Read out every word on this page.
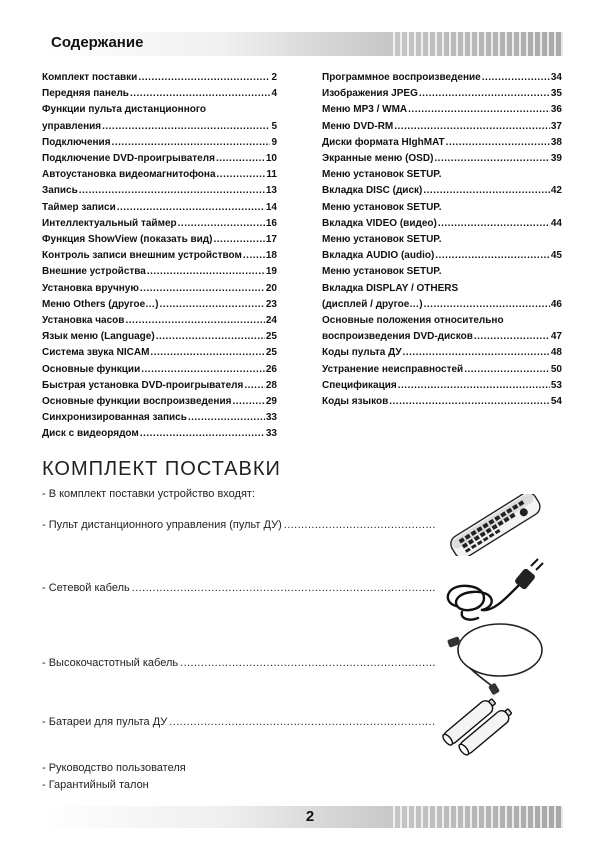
Содержание
Комплект поставки .....	2
Передняя панель .....	4
Функции пульта дистанционного
управления .....	5
Подключения .....	9
Подключение DVD-проигрывателя .....	10
Автоустановка видеомагнитофона .....	11
Запись .....	13
Таймер записи .....	14
Интеллектуальный таймер .....	16
Функция ShowView (показать вид) .....	17
Контроль записи внешним устройством ..... 18
Внешние устройства .....	19
Установка вручную .....	20
Меню Others (другое…) .....	23
Установка часов .....	24
Язык меню (Language) .....	25
Система звука NICAM .....	25
Основные функции .....	26
Быстрая установка DVD-проигрывателя ..... 28
Основные функции воспроизведения .....	29
Синхронизированная запись .....	33
Диск с видеорядом .....	33
Программное воспроизведение .....	34
Изображения JPEG .....	35
Меню MP3 / WMA .....	36
Меню DVD-RM .....	37
Диски формата HIghMAT .....	38
Экранные меню (OSD) .....	39
Меню установок SETUP.
Вкладка DISC (диск) .....	42
Меню установок SETUP.
Вкладка VIDEO (видео) .....	44
Меню установок SETUP.
Вкладка AUDIO (audio) .....	45
Меню установок SETUP.
Вкладка DISPLAY / OTHERS
(дисплей / другое…) .....	46
Основные положения относительно
воспроизведения DVD-дисков .....	47
Коды пульта ДУ .....	48
Устранение неисправностей .....	50
Спецификация .....	53
Коды языков .....	54
КОМПЛЕКТ ПОСТАВКИ
- В комплект поставки устройство входят:
- Пульт дистанционного управления (пульт ДУ)
.....
- Сетевой кабель
.....
- Высокочастотный кабель
.....
- Батареи для пульта ДУ
.....
- Руководство пользователя
- Гарантийный талон
2
